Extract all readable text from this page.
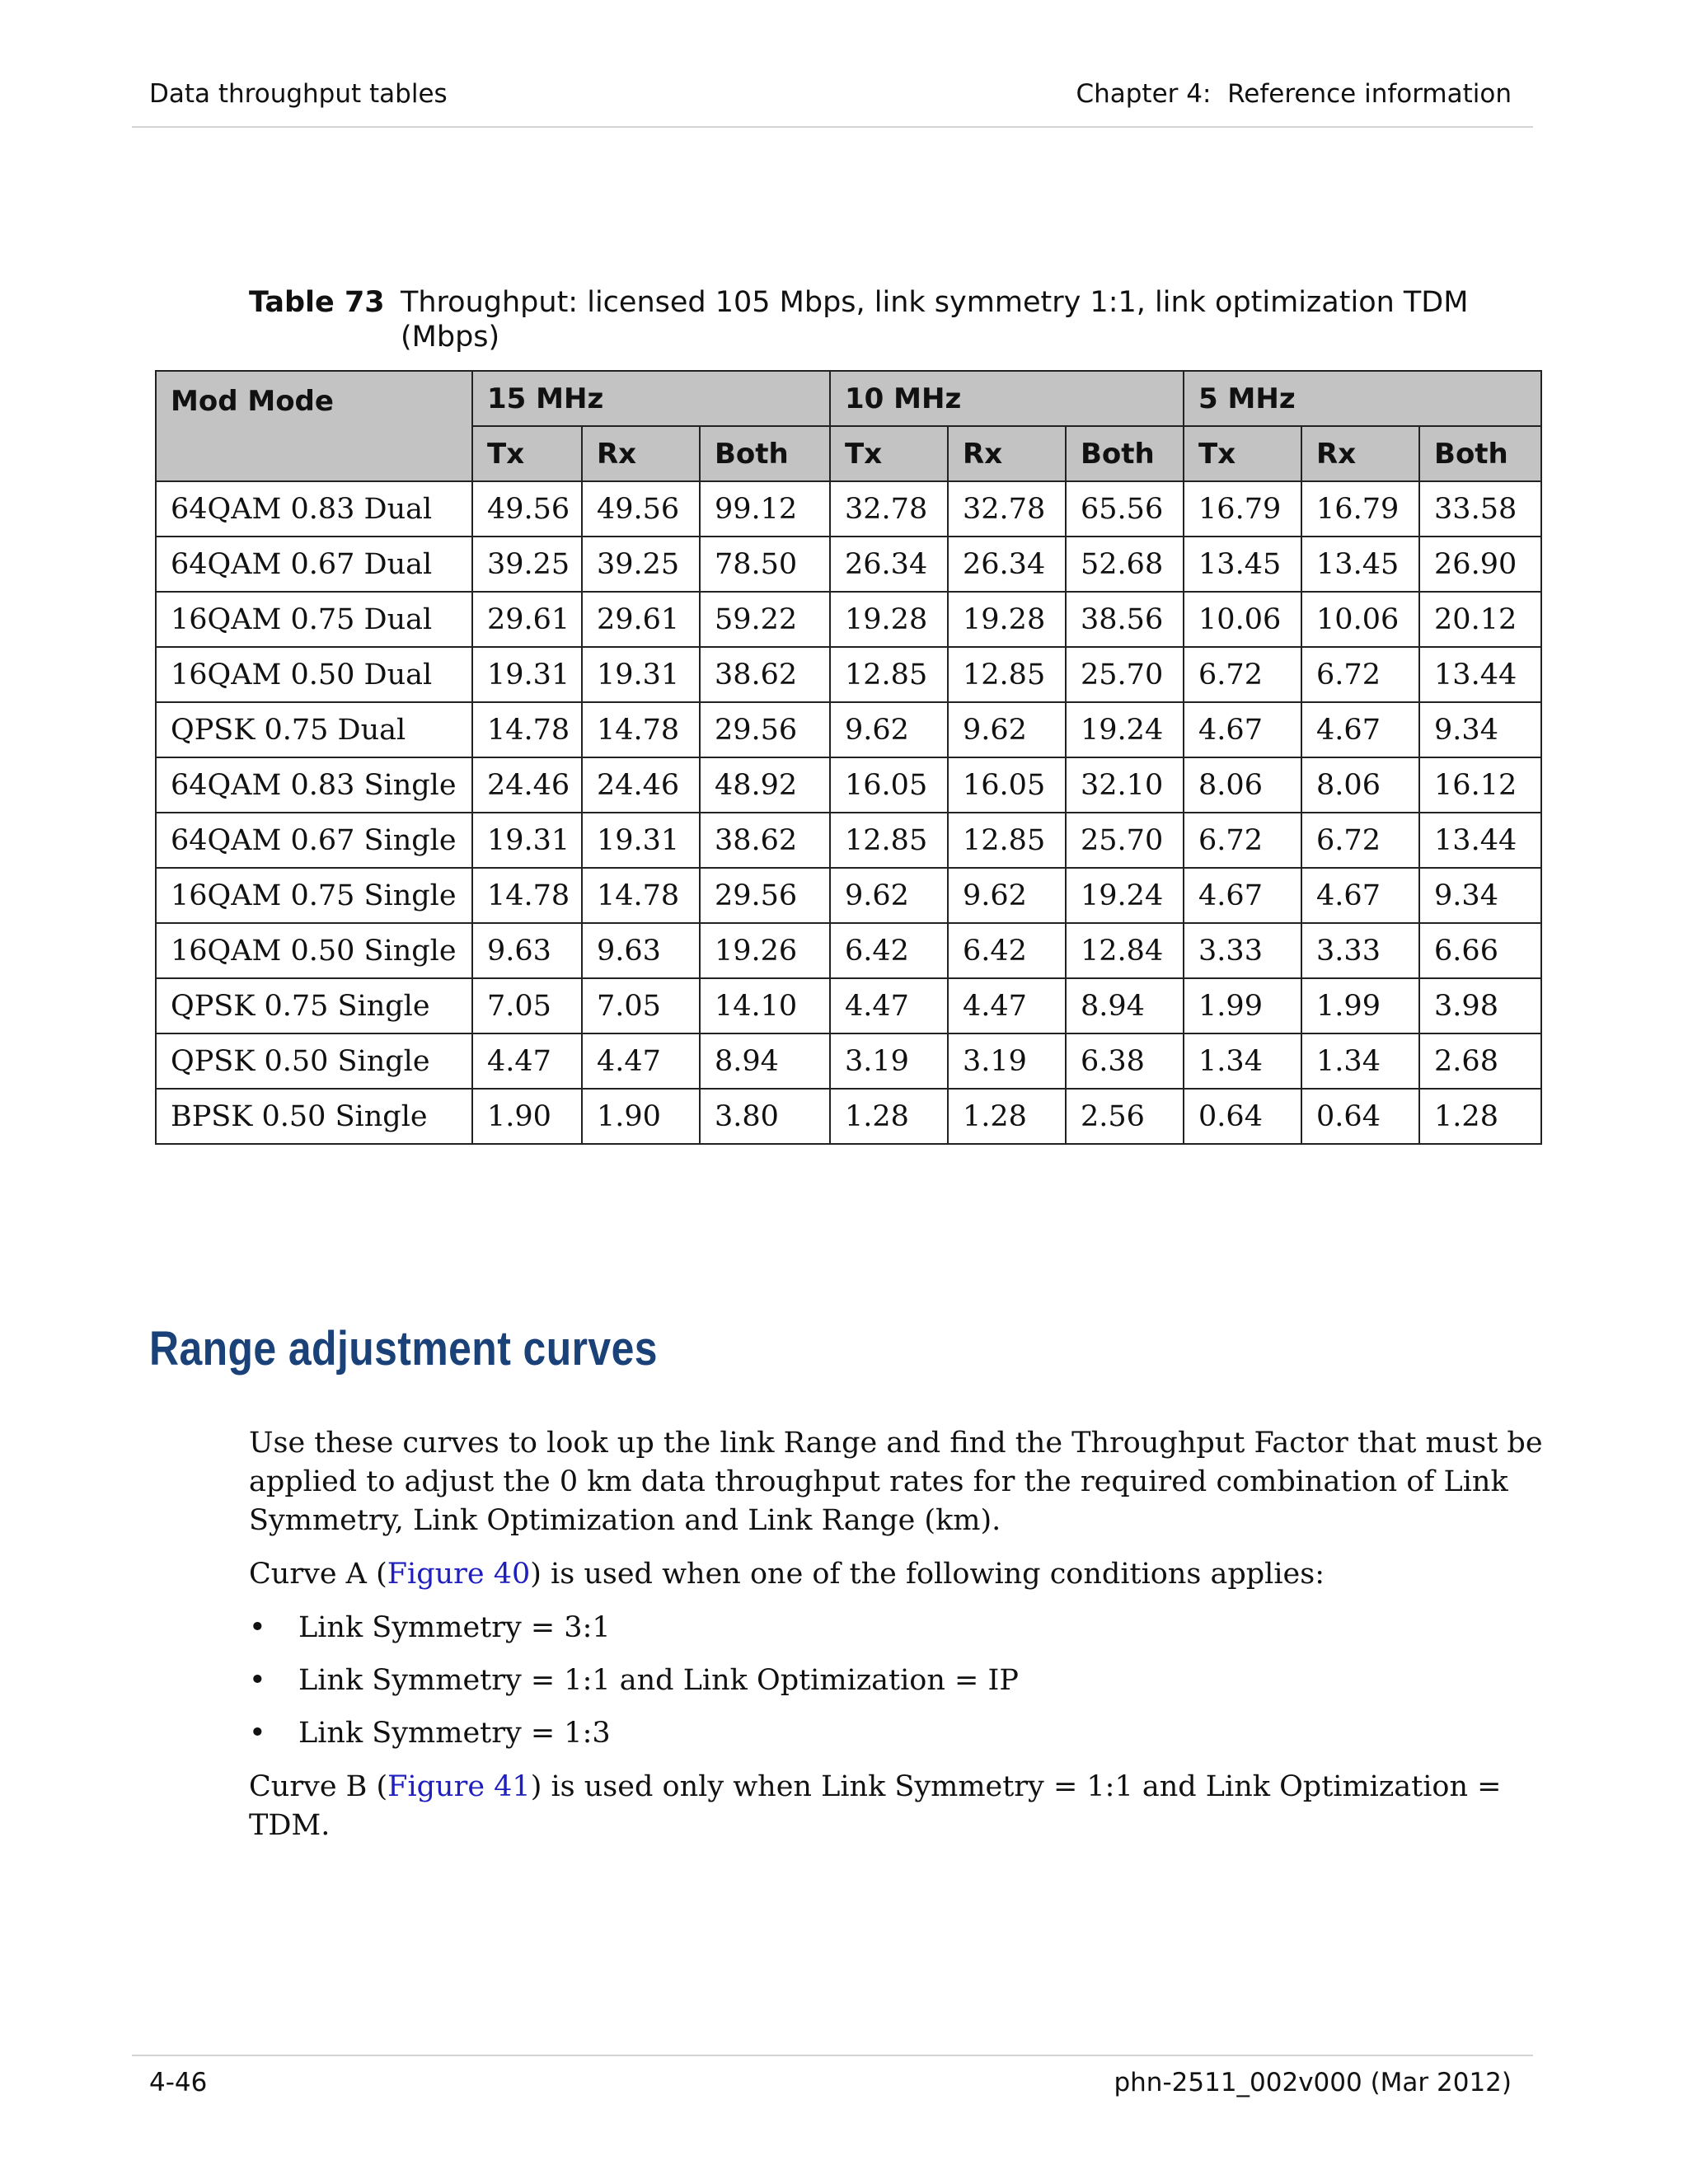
Data throughput tables	Chapter 4:  Reference information
Table 73 Throughput: licensed 105 Mbps, link symmetry 1:1, link optimization TDM (Mbps)
Mod Mode	15 MHz			10 MHz			5 MHz		
	Tx	Rx	Both	Tx	Rx	Both	Tx	Rx	Both
64QAM 0.83 Dual	49.56	49.56	99.12	32.78	32.78	65.56	16.79	16.79	33.58
64QAM 0.67 Dual	39.25	39.25	78.50	26.34	26.34	52.68	13.45	13.45	26.90
16QAM 0.75 Dual	29.61	29.61	59.22	19.28	19.28	38.56	10.06	10.06	20.12
16QAM 0.50 Dual	19.31	19.31	38.62	12.85	12.85	25.70	6.72	6.72	13.44
QPSK 0.75 Dual	14.78	14.78	29.56	9.62	9.62	19.24	4.67	4.67	9.34
64QAM 0.83 Single	24.46	24.46	48.92	16.05	16.05	32.10	8.06	8.06	16.12
64QAM 0.67 Single	19.31	19.31	38.62	12.85	12.85	25.70	6.72	6.72	13.44
16QAM 0.75 Single	14.78	14.78	29.56	9.62	9.62	19.24	4.67	4.67	9.34
16QAM 0.50 Single	9.63	9.63	19.26	6.42	6.42	12.84	3.33	3.33	6.66
QPSK 0.75 Single	7.05	7.05	14.10	4.47	4.47	8.94	1.99	1.99	3.98
QPSK 0.50 Single	4.47	4.47	8.94	3.19	3.19	6.38	1.34	1.34	2.68
BPSK 0.50 Single	1.90	1.90	3.80	1.28	1.28	2.56	0.64	0.64	1.28
Range adjustment curves

Use these curves to look up the link Range and find the Throughput Factor that must be applied to adjust the 0 km data throughput rates for the required combination of Link Symmetry, Link Optimization and Link Range (km).

Curve A (Figure 40) is used when one of the following conditions applies:

• Link Symmetry = 3:1
• Link Symmetry = 1:1 and Link Optimization = IP
• Link Symmetry = 1:3

Curve B (Figure 41) is used only when Link Symmetry = 1:1 and Link Optimization = TDM.

4-46	phn-2511_002v000 (Mar 2012)
